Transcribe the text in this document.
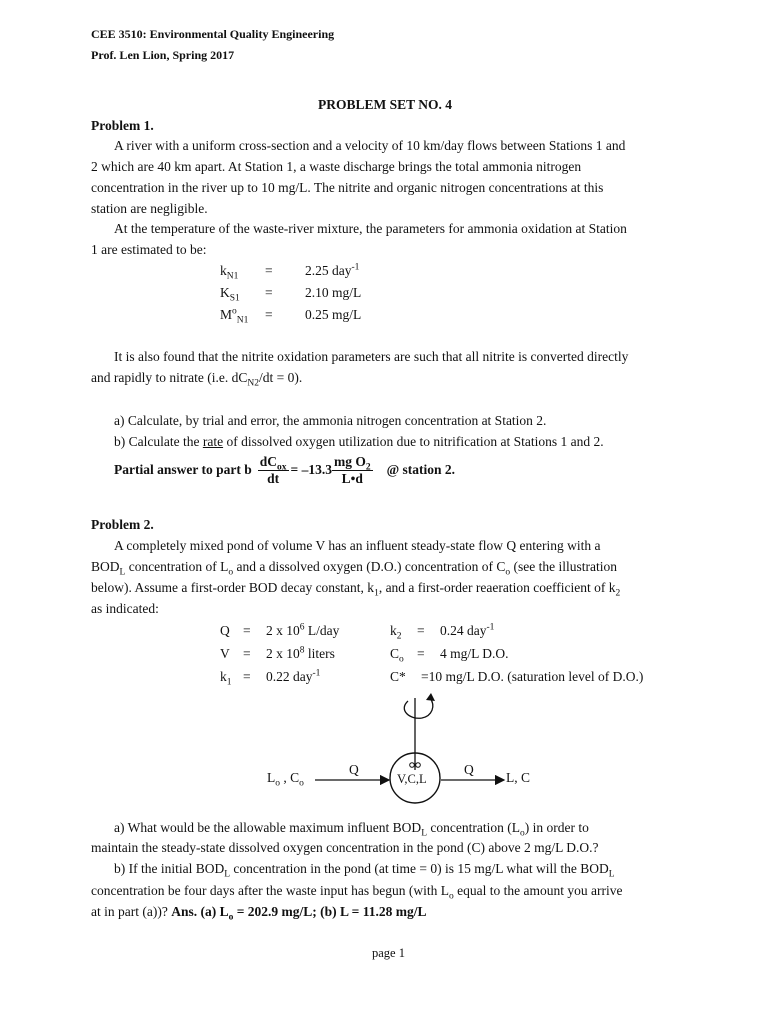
CEE 3510: Environmental Quality Engineering
Prof. Len Lion, Spring 2017
PROBLEM SET NO. 4
Problem 1.
A river with a uniform cross-section and a velocity of 10 km/day flows between Stations 1 and
2 which are 40 km apart. At Station 1, a waste discharge brings the total ammonia nitrogen
concentration in the river up to 10 mg/L. The nitrite and organic nitrogen concentrations at this
station are negligible.
At the temperature of the waste-river mixture, the parameters for ammonia oxidation at Station
1 are estimated to be:
$k_{N1} = 2.25$ day$^{-1}$
$K_{S1} = 2.10$ mg/L
$M^o_{N1} = 0.25$ mg/L
It is also found that the nitrite oxidation parameters are such that all nitrite is converted directly
and rapidly to nitrate (i.e. $dC_{N2}/dt = 0$).
a) Calculate, by trial and error, the ammonia nitrogen concentration at Station 2.
b) Calculate the rate of dissolved oxygen utilization due to nitrification at Stations 1 and 2.
Partial answer to part b $\frac{dC_{ox}}{dt} = -13.3 \frac{mg O_2}{L•d}$ @ station 2.
Problem 2.
A completely mixed pond of volume V has an influent steady-state flow Q entering with a
$BOD_L$ concentration of $L_o$ and a dissolved oxygen (D.O.) concentration of $C_o$ (see the illustration
below). Assume a first-order BOD decay constant, $k_1$, and a first-order reaeration coefficient of $k_2$
as indicated:
Q = 2 x $10^6$ L/day
V = 2 x $10^8$ liters
$k_1 = 0.22$ day$^{-1}$
$k_2 = 0.24$ day$^{-1}$
$C_o = 4$ mg/L D.O.
C* =10 mg/L D.O. (saturation level of D.O.)
$L_o$ , $C_o$
Q
V,C,L
Q
L, C
a) What would be the allowable maximum influent $BOD_L$ concentration $(L_o)$ in order to
maintain the steady-state dissolved oxygen concentration in the pond (C) above 2 mg/L D.O.?
b) If the initial $BOD_L$ concentration in the pond (at time = 0) is 15 mg/L what will the $BOD_L$
concentration be four days after the waste input has begun (with $L_o$ equal to the amount you arrive
at in part (a))? Ans. (a) $L_o = 202.9$ mg/L; (b) L = 11.28 mg/L
page 1
